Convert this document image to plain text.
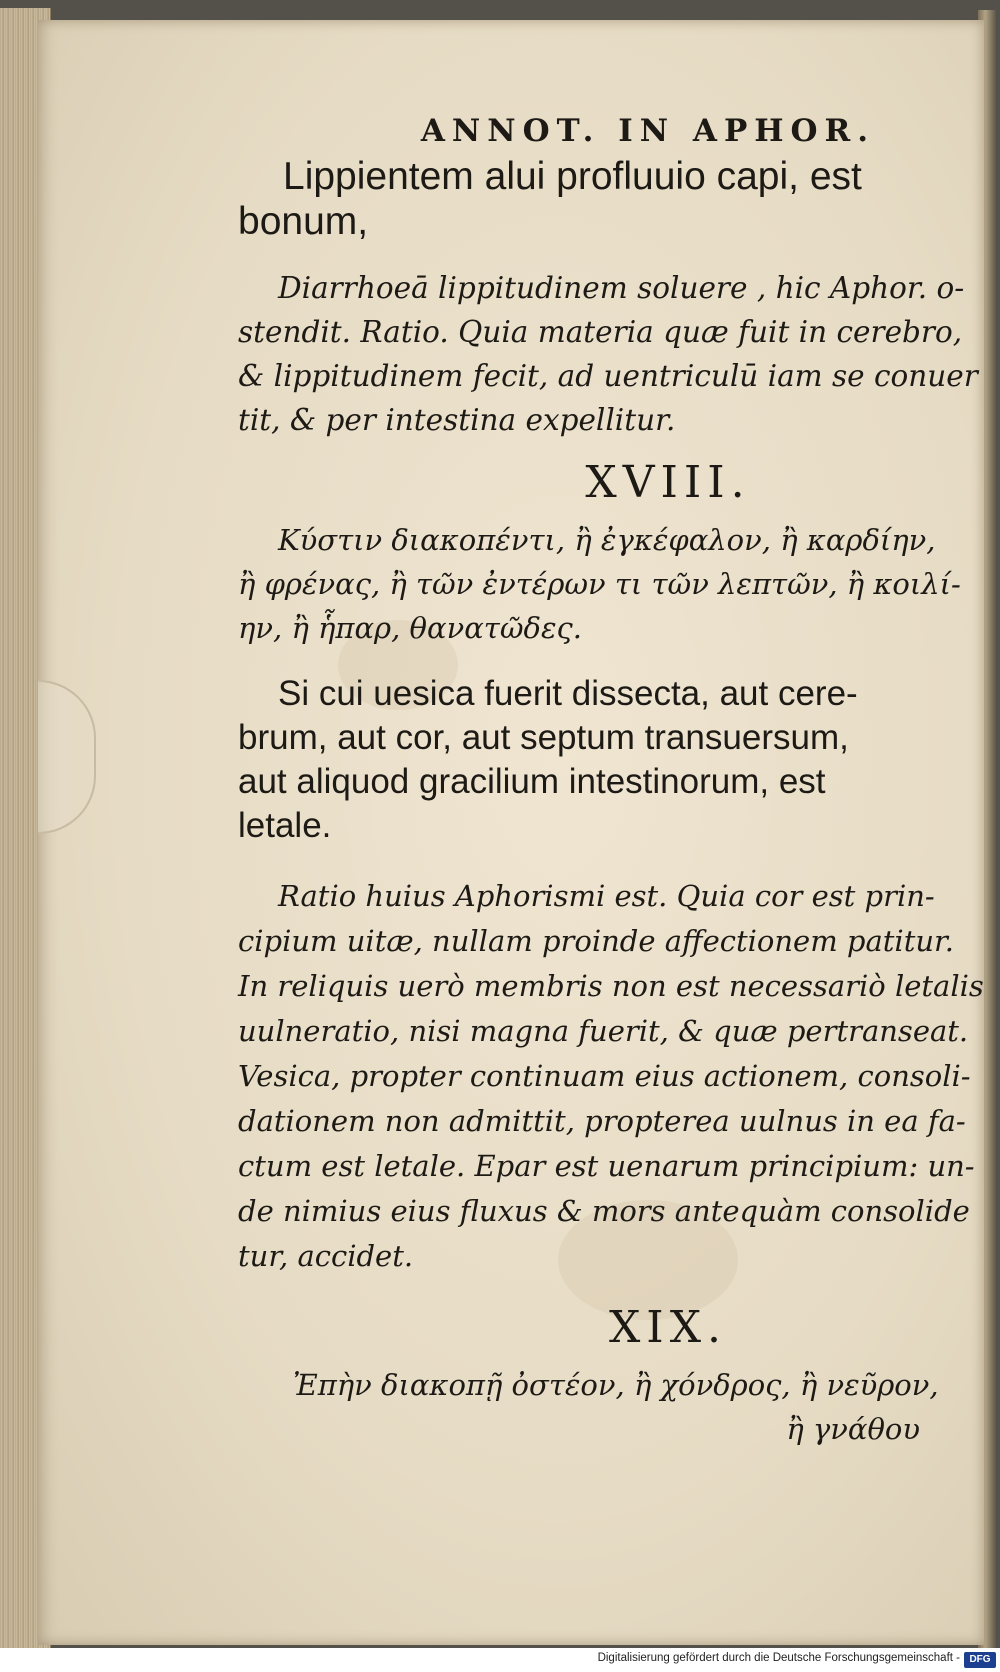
ANNOT. IN APHOR.

Lippientem alui profluuio capi, est
bonum,

Diarrhoeā lippitudinem soluere , hic Aphor. o-
stendit. Ratio. Quia materia quæ fuit in cerebro,
& lippitudinem fecit, ad uentriculū iam se conuer
tit, & per intestina expellitur.

XVIII.

Κύστιν διακοπέντι, ἢ ἐγκέφαλον, ἢ καρδίην,
ἢ φρένας, ἢ τῶν ἐντέρων τι τῶν λεπτῶν, ἢ κοιλί-
ην, ἢ ἧπαρ, θανατῶδες.

Si cui uesica fuerit dissecta, aut cere-
brum, aut cor, aut septum transuersum,
aut aliquod gracilium intestinorum, est
letale.

Ratio huius Aphorismi est. Quia cor est prin-
cipium uitæ, nullam proinde affectionem patitur.
In reliquis uerò membris non est necessariò letalis
uulneratio, nisi magna fuerit, & quæ pertranseat.
Vesica, propter continuam eius actionem, consoli-
dationem non admittit, propterea uulnus in ea fa-
ctum est letale. Epar est uenarum principium: un-
de nimius eius fluxus & mors antequàm consolide
tur, accidet.

XIX.

Ἐπὴν διακοπῇ ὀστέον, ἢ χόνδρος, ἢ νεῦρον,
ἢ γνάθου

Digitalisierung gefördert durch die Deutsche Forschungsgemeinschaft - DFG
